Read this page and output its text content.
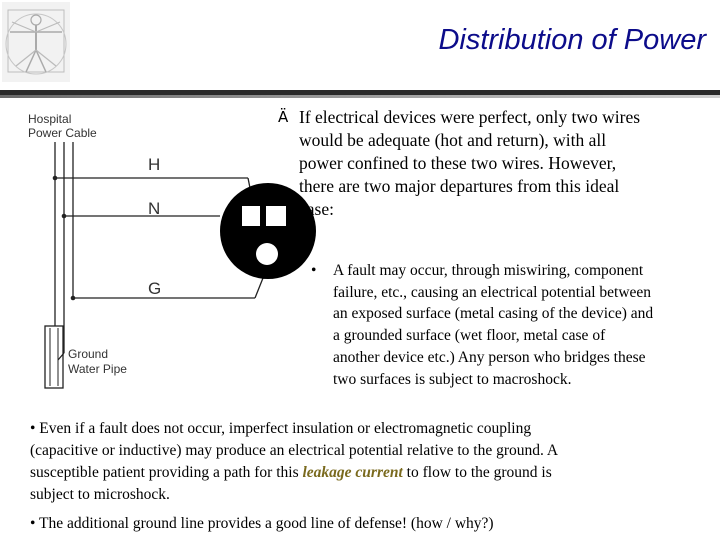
Distribution of Power
Hospital
Power Cable
H
N
G
Ground
Water Pipe
Ä If electrical devices were perfect, only two wires
would be adequate (hot and return), with all
power confined to these two wires. However,
there are two major departures from this ideal
case:
• A fault may occur, through miswiring, component
failure, etc., causing an electrical potential between
an exposed surface (metal casing of the device) and
a grounded surface (wet floor, metal case of
another device etc.) Any person who bridges these
two surfaces is subject to macroshock.
• Even if a fault does not occur, imperfect insulation or electromagnetic coupling
(capacitive or inductive) may produce an electrical potential relative to the ground. A
susceptible patient providing a path for this leakage current to flow to the ground is
subject to microshock.
• The additional ground line provides a good line of defense! (how / why?)
